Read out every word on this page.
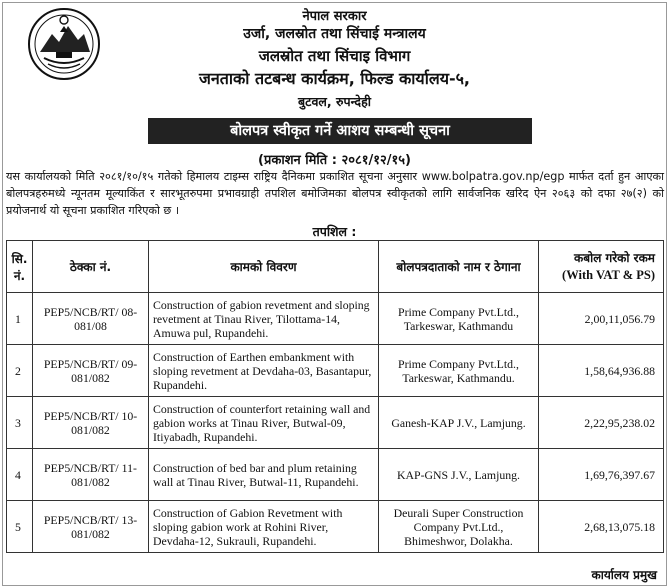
नेपाल सरकार
उर्जा, जलस्रोत तथा सिंचाई मन्त्रालय
जलस्रोत तथा सिंचाइ विभाग
जनताको तटबन्ध कार्यक्रम, फिल्ड कार्यालय-५,
बुटवल, रुपन्देही
बोलपत्र स्वीकृत गर्ने आशय सम्बन्धी सूचना
(प्रकाशन मिति : २०८१/१२/१५)

यस कार्यालयको मिति २०८१/१०/१५ गतेको हिमालय टाइम्स राष्ट्रिय दैनिकमा प्रकाशित सूचना अनुसार www.bolpatra.gov.np/egp मार्फत दर्ता हुन आएका बोलपत्रहरुमध्ये न्यूनतम मूल्याकिंत र सारभूतरुपमा प्रभावग्राही तपशिल बमोजिमका बोलपत्र स्वीकृतको लागि सार्वजनिक खरिद ऐन २०६३ को दफा २७(२) को प्रयोजनार्थ यो सूचना प्रकाशित गरिएको छ ।

तपशिल :
सि. नं.	ठेक्का नं.	कामको विवरण	बोलपत्रदाताको नाम र ठेगाना	कबोल गरेको रकम
(With VAT & PS)

1	PEP5/NCB/RT/ 08-081/08	Construction of gabion revetment and sloping revetment at Tinau River, Tilottama-14, Amuwa pul, Rupandehi.	Prime Company Pvt.Ltd., Tarkeswar, Kathmandu	2,00,11,056.79
2	PEP5/NCB/RT/ 09-081/082	Construction of Earthen embankment with sloping revetment at Devdaha-03, Basantapur, Rupandehi.	Prime Company Pvt.Ltd., Tarkeswar, Kathmandu.	1,58,64,936.88
3	PEP5/NCB/RT/ 10-081/082	Construction of counterfort retaining wall and gabion works at Tinau River, Butwal-09, Itiyabadh, Rupandehi.	Ganesh-KAP J.V., Lamjung.	2,22,95,238.02
4	PEP5/NCB/RT/ 11-081/082	Construction of bed bar and plum retaining wall at Tinau River, Butwal-11, Rupandehi.	KAP-GNS J.V., Lamjung.	1,69,76,397.67
5	PEP5/NCB/RT/ 13-081/082	Construction of Gabion Revetment with sloping gabion work at Rohini River, Devdaha-12, Sukrauli, Rupandehi.	Deurali Super Construction Company Pvt.Ltd., Bhimeshwor, Dolakha.	2,68,13,075.18
कार्यालय प्रमुख
